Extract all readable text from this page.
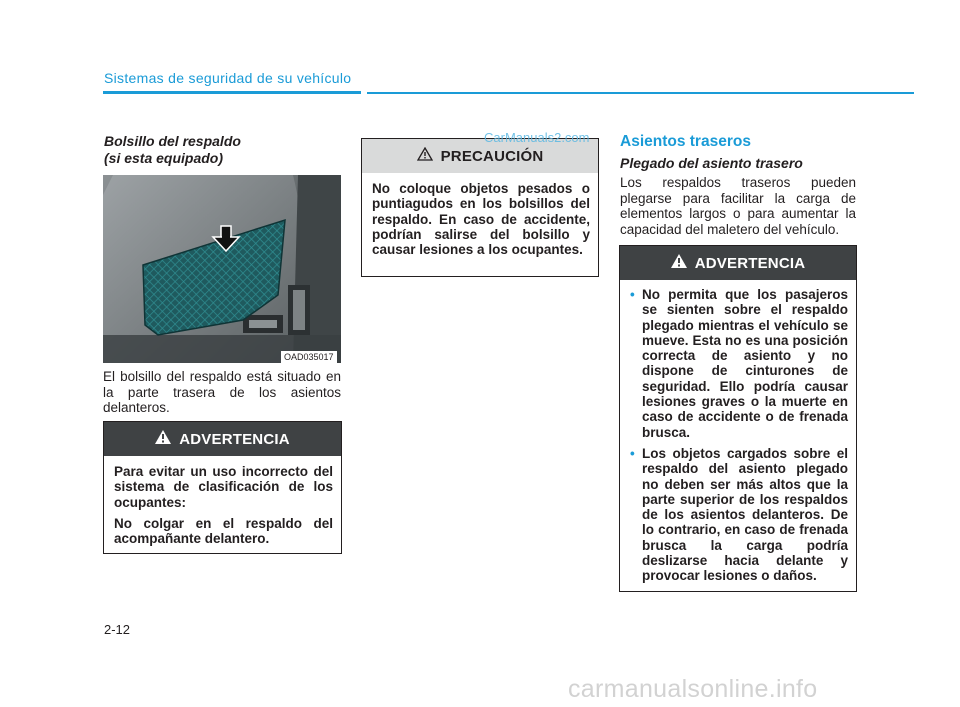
Sistemas de seguridad de su vehículo
Bolsillo del respaldo
(si esta equipado)
OAD035017
El bolsillo del respaldo está situado en la parte trasera de los asientos delanteros.
ADVERTENCIA

Para evitar un uso incorrecto del sistema de clasificación de los ocupantes:

No colgar en el respaldo del acompañante delantero.

PRECAUCIÓN

No coloque objetos pesados o puntiagudos en los bolsillos del respaldo. En caso de accidente, podrían salirse del bolsillo y causar lesiones a los ocupantes.

Asientos traseros
Plegado del asiento trasero
Los respaldos traseros pueden plegarse para facilitar la carga de elementos largos o para aumentar la capacidad del maletero del vehículo.
ADVERTENCIA
• No permita que los pasajeros se sienten sobre el respaldo plegado mientras el vehículo se mueve. Esta no es una posición correcta de asiento y no dispone de cinturones de seguridad. Ello podría causar lesiones graves o la muerte en caso de accidente o de frenada brusca.
• Los objetos cargados sobre el respaldo del asiento plegado no deben ser más altos que la parte superior de los respaldos de los asientos delanteros. De lo contrario, en caso de frenada brusca la carga podría deslizarse hacia delante y provocar lesiones o daños.
2-12
CarManuals2.com
carmanualsonline.info
